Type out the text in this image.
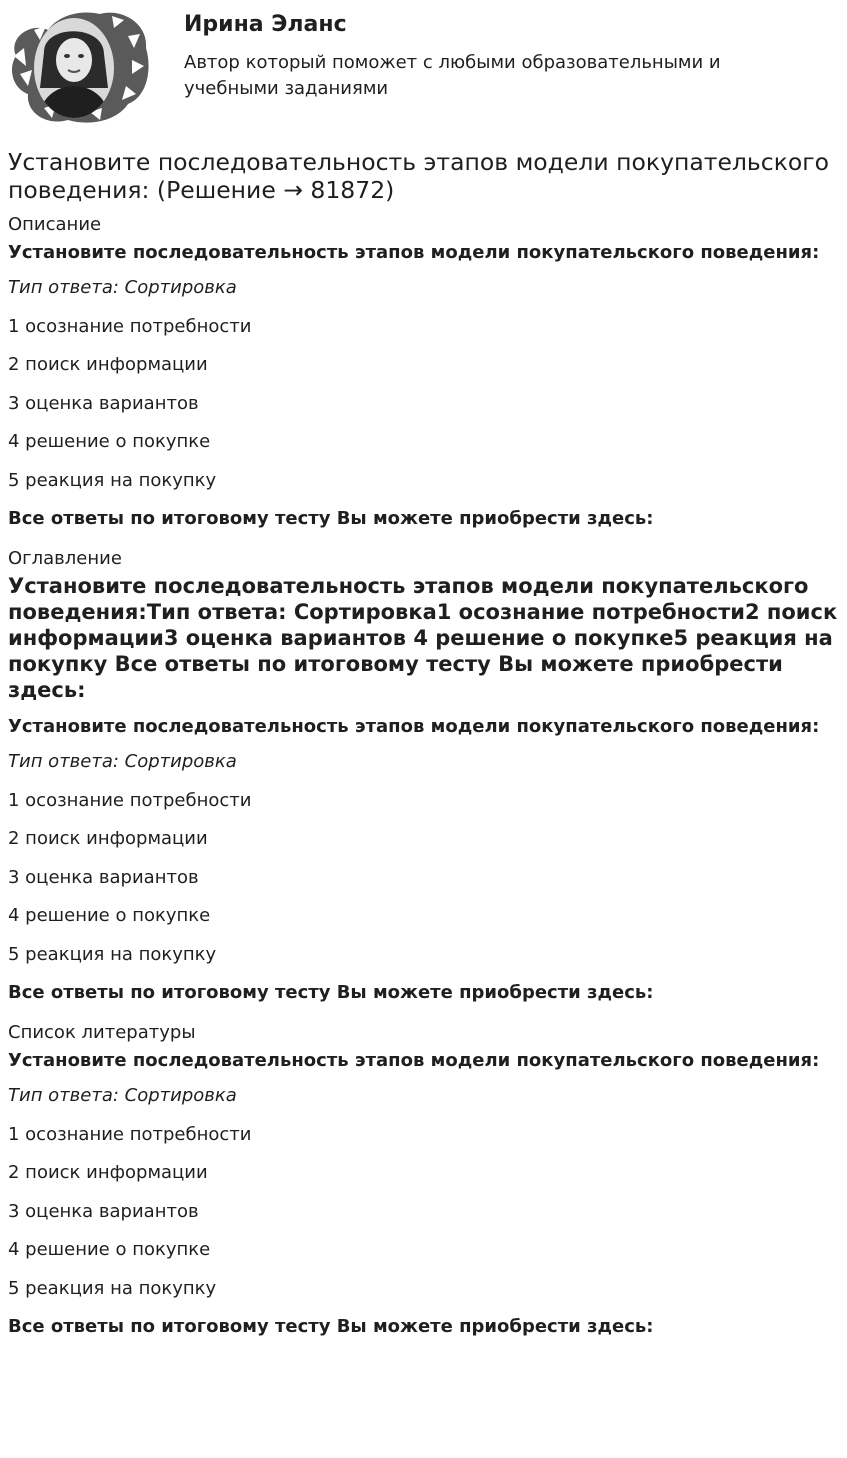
Ирина Эланс

Автор который поможет с любыми образовательными и учебными заданиями

Установите последовательность этапов модели покупательского поведения: (Решение → 81872)
Описание

Установите последовательность этапов модели покупательского поведения:

Тип ответа: Сортировка

1 осознание потребности

2 поиск информации

3 оценка вариантов

4 решение о покупке

5 реакция на покупку

Все ответы по итоговому тесту Вы можете приобрести здесь:

Оглавление
Установите последовательность этапов модели покупательского поведения:Тип ответа: Сортировка1 осознание потребности2 поиск информации3 оценка вариантов 4 решение о покупке5 реакция на покупку Все ответы по итоговому тесту Вы можете приобрести здесь:

Установите последовательность этапов модели покупательского поведения:

Тип ответа: Сортировка

1 осознание потребности

2 поиск информации

3 оценка вариантов

4 решение о покупке

5 реакция на покупку

Все ответы по итоговому тесту Вы можете приобрести здесь:

Список литературы

Установите последовательность этапов модели покупательского поведения:

Тип ответа: Сортировка

1 осознание потребности

2 поиск информации

3 оценка вариантов

4 решение о покупке

5 реакция на покупку

Все ответы по итоговому тесту Вы можете приобрести здесь:
